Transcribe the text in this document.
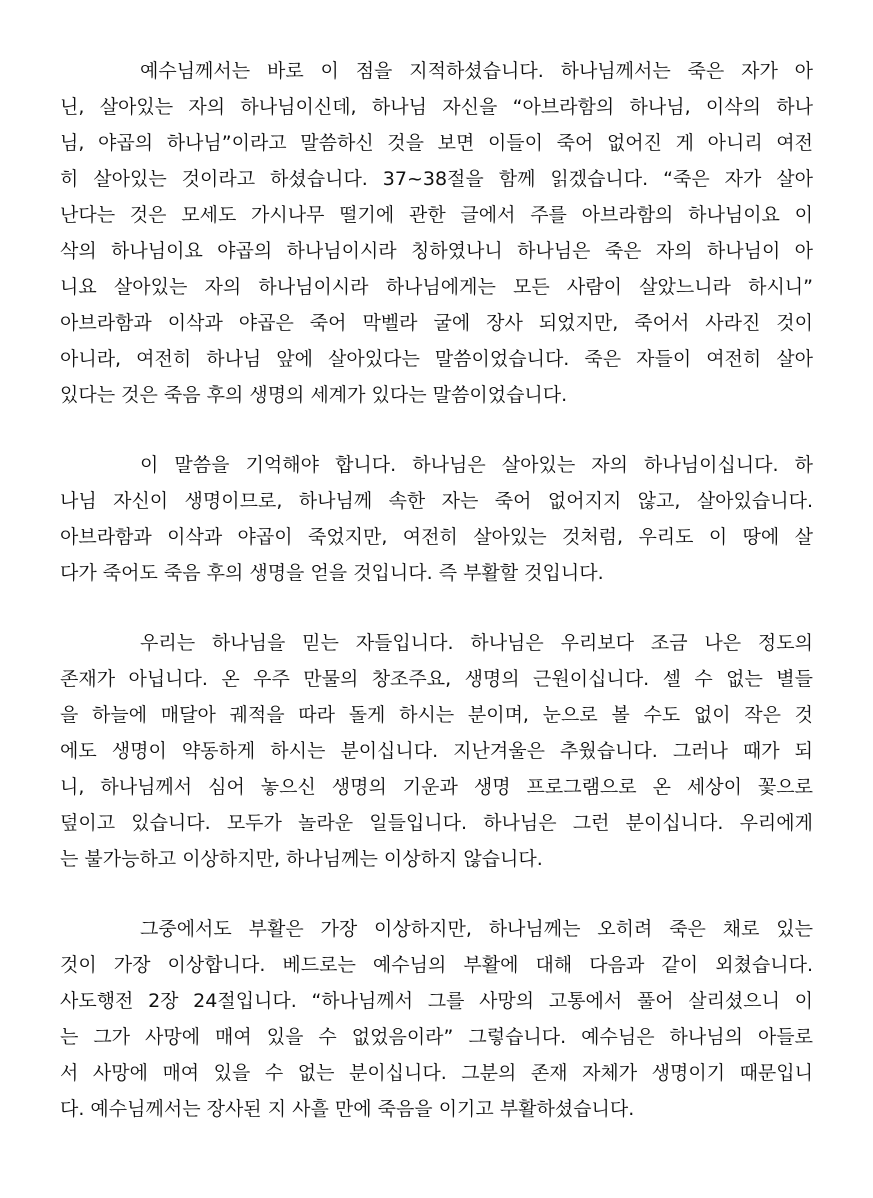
예수님께서는 바로 이 점을 지적하셨습니다. 하나님께서는 죽은 자가 아
닌, 살아있는 자의 하나님이신데, 하나님 자신을 “아브라함의 하나님, 이삭의 하나
님, 야곱의 하나님”이라고 말씀하신 것을 보면 이들이 죽어 없어진 게 아니리 여전
히 살아있는 것이라고 하셨습니다. 37~38절을 함께 읽겠습니다. “죽은 자가 살아
난다는 것은 모세도 가시나무 떨기에 관한 글에서 주를 아브라함의 하나님이요 이
삭의 하나님이요 야곱의 하나님이시라 칭하였나니 하나님은 죽은 자의 하나님이 아
니요 살아있는 자의 하나님이시라 하나님에게는 모든 사람이 살았느니라 하시니”
아브라함과 이삭과 야곱은 죽어 막벨라 굴에 장사 되었지만, 죽어서 사라진 것이
아니라, 여전히 하나님 앞에 살아있다는 말씀이었습니다. 죽은 자들이 여전히 살아
있다는 것은 죽음 후의 생명의 세계가 있다는 말씀이었습니다.
이 말씀을 기억해야 합니다. 하나님은 살아있는 자의 하나님이십니다. 하
나님 자신이 생명이므로, 하나님께 속한 자는 죽어 없어지지 않고, 살아있습니다.
아브라함과 이삭과 야곱이 죽었지만, 여전히 살아있는 것처럼, 우리도 이 땅에 살
다가 죽어도 죽음 후의 생명을 얻을 것입니다. 즉 부활할 것입니다.
우리는 하나님을 믿는 자들입니다. 하나님은 우리보다 조금 나은 정도의
존재가 아닙니다. 온 우주 만물의 창조주요, 생명의 근원이십니다. 셀 수 없는 별들
을 하늘에 매달아 궤적을 따라 돌게 하시는 분이며, 눈으로 볼 수도 없이 작은 것
에도 생명이 약동하게 하시는 분이십니다. 지난겨울은 추웠습니다. 그러나 때가 되
니, 하나님께서 심어 놓으신 생명의 기운과 생명 프로그램으로 온 세상이 꽃으로
덮이고 있습니다. 모두가 놀라운 일들입니다. 하나님은 그런 분이십니다. 우리에게
는 불가능하고 이상하지만, 하나님께는 이상하지 않습니다.
그중에서도 부활은 가장 이상하지만, 하나님께는 오히려 죽은 채로 있는
것이 가장 이상합니다. 베드로는 예수님의 부활에 대해 다음과 같이 외쳤습니다.
사도행전 2장 24절입니다. “하나님께서 그를 사망의 고통에서 풀어 살리셨으니 이
는 그가 사망에 매여 있을 수 없었음이라” 그렇습니다. 예수님은 하나님의 아들로
서 사망에 매여 있을 수 없는 분이십니다. 그분의 존재 자체가 생명이기 때문입니
다. 예수님께서는 장사된 지 사흘 만에 죽음을 이기고 부활하셨습니다.
